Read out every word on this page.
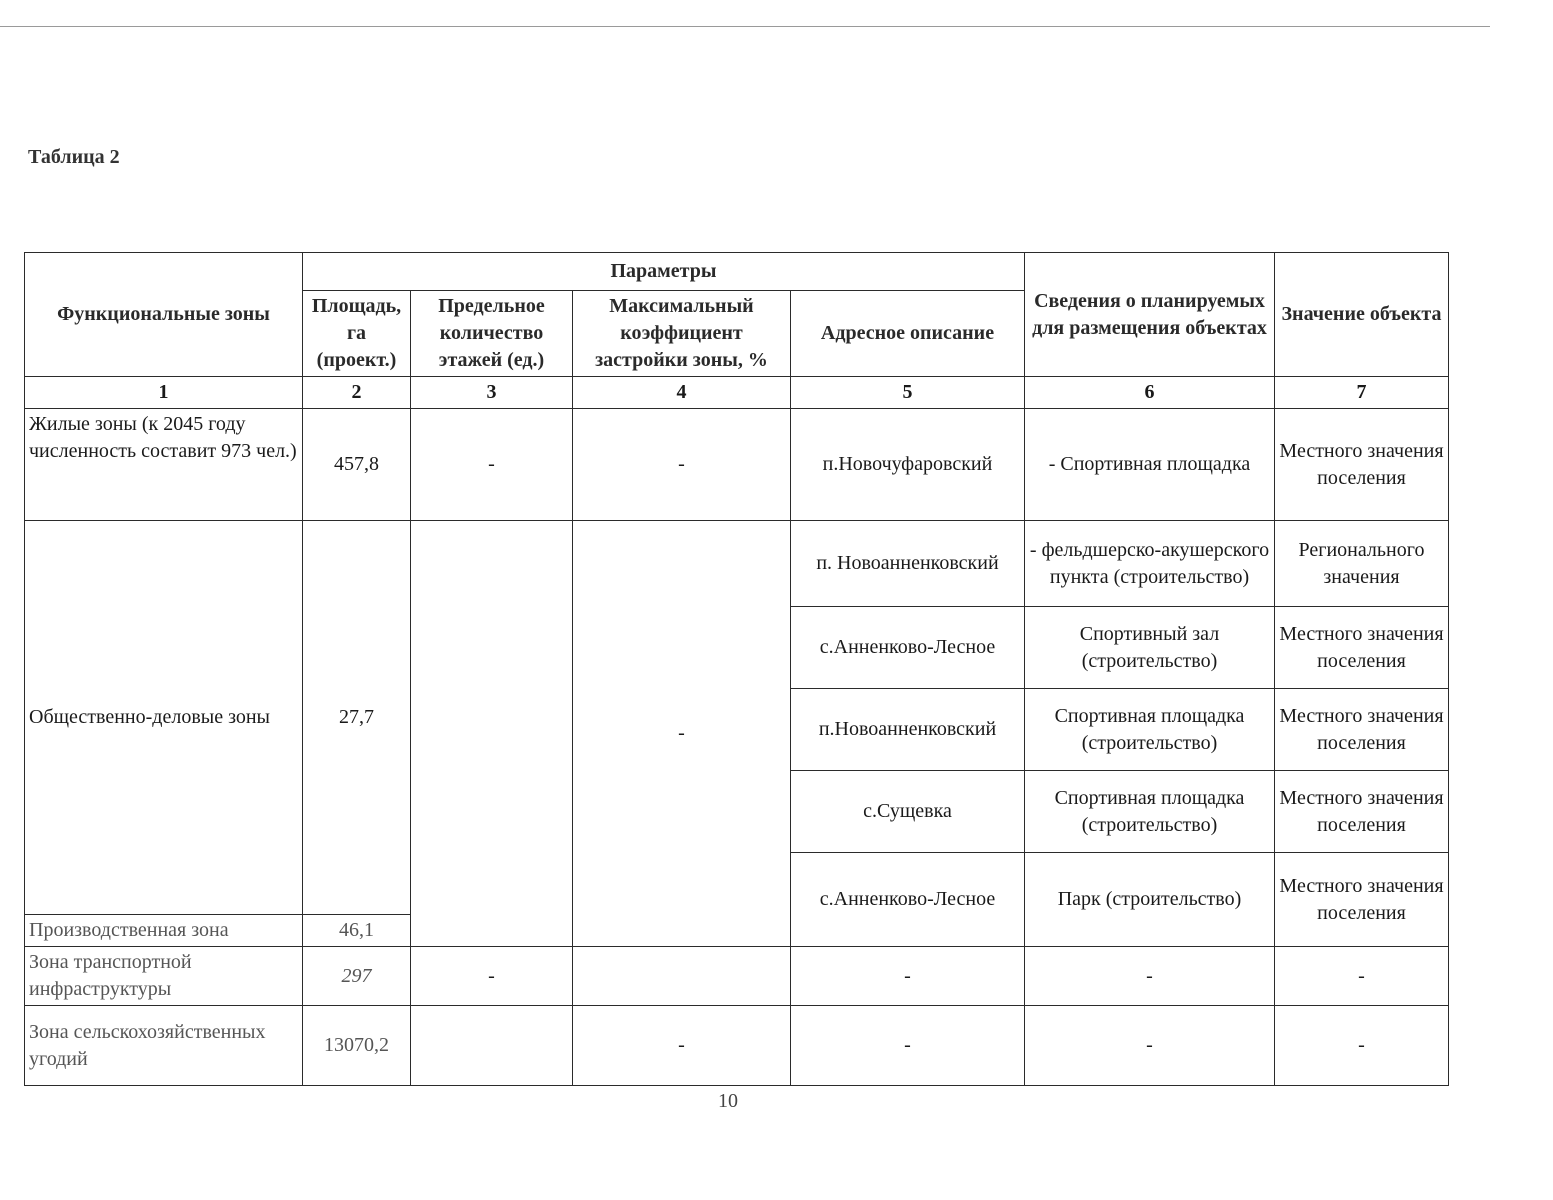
Таблица 2
Функциональные зоны	Параметры				Сведения о планируемых для размещения объектах	Значение объекта
	Площадь, га (проект.)	Предельное количество этажей (ед.)	Максимальный коэффициент застройки зоны, %	Адресное описание		
1	2	3	4	5	6	7
Жилые зоны (к 2045 году численность составит 973 чел.)	457,8	-	-	п.Новочуфаровский	- Спортивная площадка	Местного значения поселения
Общественно-деловые зоны	27,7		-	п. Новоанненковский	- фельдшерско-акушерского пункта (строительство)	Регионального значения
				с.Анненково-Лесное	Спортивный зал (строительство)	Местного значения поселения
				п.Новоанненковский	Спортивная площадка (строительство)	Местного значения поселения
				с.Сущевка	Спортивная площадка (строительство)	Местного значения поселения
				с.Анненково-Лесное	Парк (строительство)	Местного значения поселения
Производственная зона	46,1					
Зона транспортной инфраструктуры	297	-		-	-	-
Зона сельскохозяйственных угодий	13070,2		-	-	-	-
10
